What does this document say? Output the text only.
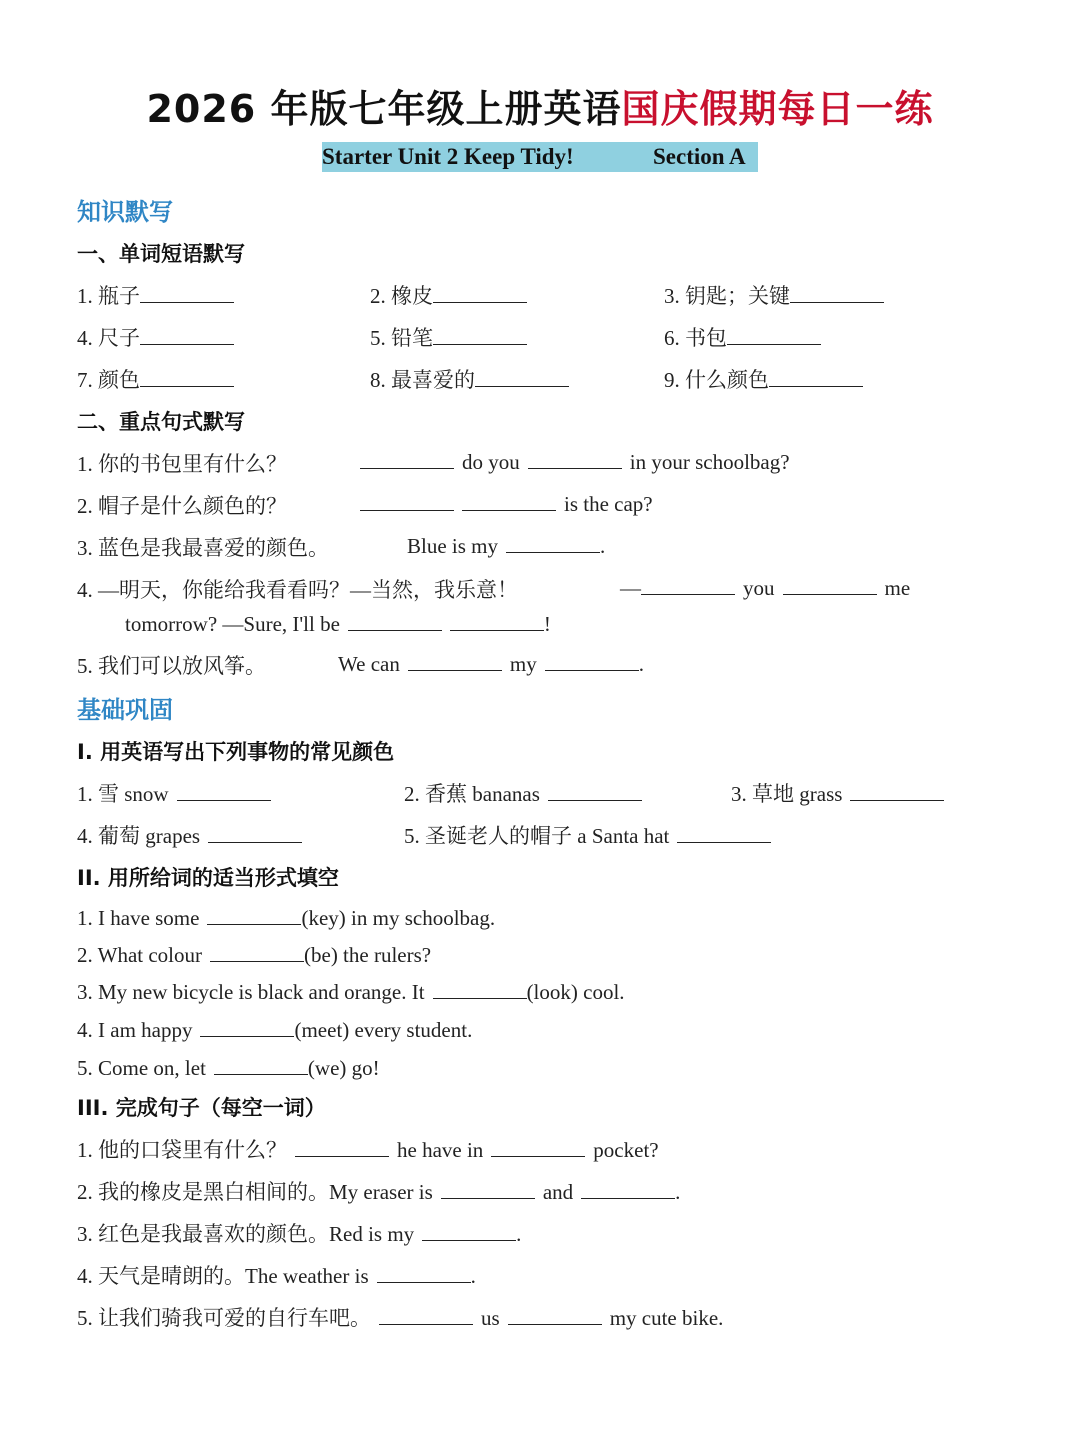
2026 年版七年级上册英语国庆假期每日一练

Starter Unit 2 Keep Tidy!

	Section A

知识默写
一、单词短语默写
1. 瓶子	2. 橡皮	3. 钥匙；关键
4. 尺子	5. 铅笔	6. 书包
7. 颜色	8. 最喜爱的	9. 什么颜色
二、重点句式默写
1. 你的书包里有什么？	do you	in your schoolbag?
2. 帽子是什么颜色的？	is the cap?
3. 蓝色是我最喜爱的颜色。	Blue is my	.
4. —明天，你能给我看看吗？—当然，我乐意！	—	you	me
tomorrow? —Sure, I'll be	!
5. 我们可以放风筝。	We can	my	.
基础巩固
I. 用英语写出下列事物的常见颜色
1. 雪 snow	2. 香蕉 bananas	3. 草地 grass
4. 葡萄 grapes	5. 圣诞老人的帽子 a Santa hat
II. 用所给词的适当形式填空
1. I have some	(key) in my schoolbag.
2. What colour	(be) the rulers?
3. My new bicycle is black and orange. It	(look) cool.
4. I am happy	(meet) every student.
5. Come on, let	(we) go!
III. 完成句子（每空一词）
1. 他的口袋里有什么？	he have in	pocket?
2. 我的橡皮是黑白相间的。My eraser is	and	.
3. 红色是我最喜欢的颜色。Red is my	.
4. 天气是晴朗的。The weather is	.
5. 让我们骑我可爱的自行车吧。	us	my cute bike.
